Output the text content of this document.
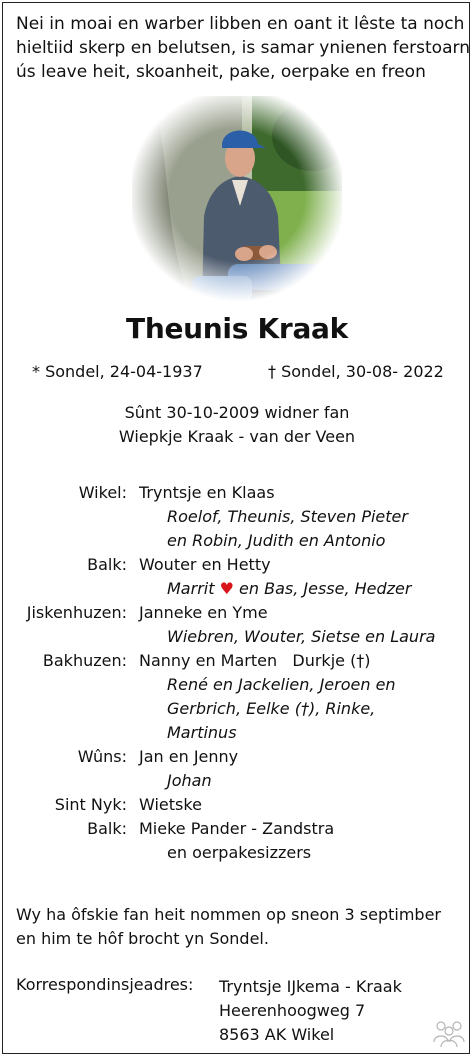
Nei in moai en warber libben en oant it lêste ta noch
hieltiid skerp en belutsen, is samar ynienen ferstoarn
ús leave heit, skoanheit, pake, oerpake en freon
Theunis Kraak
* Sondel, 24-04-1937	† Sondel, 30-08- 2022
Sûnt 30-10-2009 widner fan
Wiepkje Kraak - van der Veen
Wikel: Tryntsje en Klaas
Roelof, Theunis, Steven Pieter
en Robin, Judith en Antonio
Balk: Wouter en Hetty
Marrit ♥ en Bas, Jesse, Hedzer
Jiskenhuzen: Janneke en Yme
Wiebren, Wouter, Sietse en Laura
Bakhuzen: Nanny en Marten   Durkje (†)
René en Jackelien, Jeroen en
Gerbrich, Eelke (†), Rinke,
Martinus
Wûns: Jan en Jenny
Johan
Sint Nyk: Wietske
Balk: Mieke Pander - Zandstra
en oerpakesizzers
Wy ha ôfskie fan heit nommen op sneon 3 septimber
en him te hôf brocht yn Sondel.
Korrespondinsjeadres: Tryntsje IJkema - Kraak
Heerenhoogweg 7
8563 AK Wikel
